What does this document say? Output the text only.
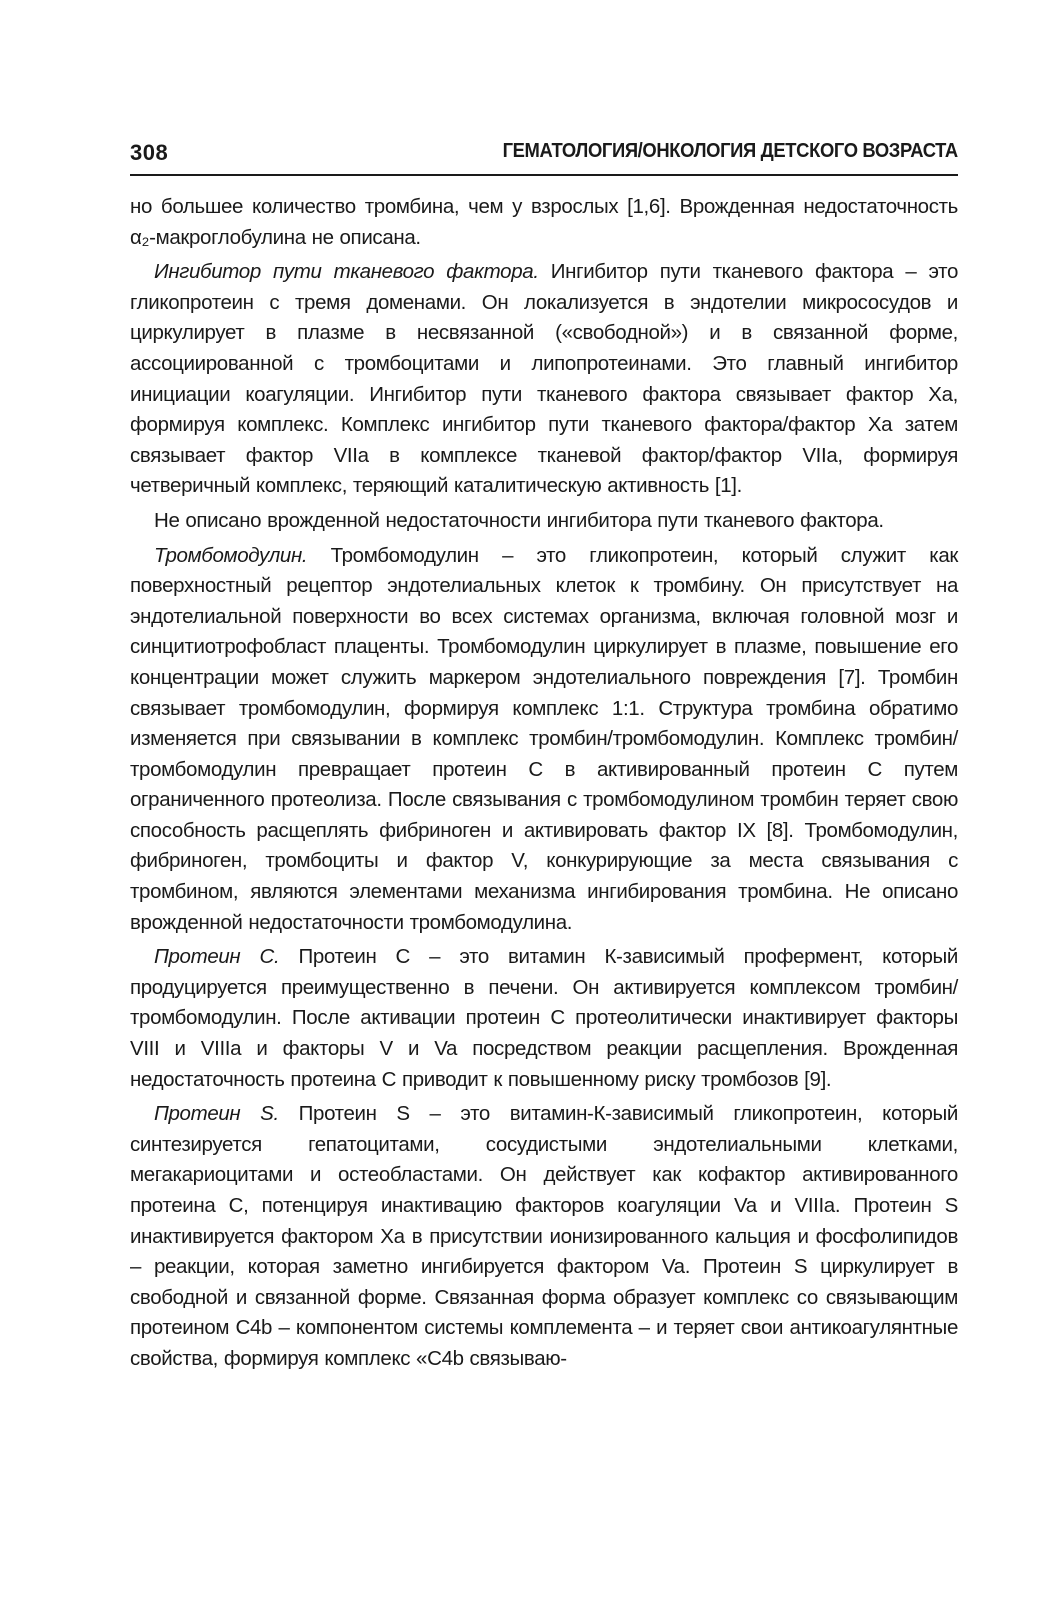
308	ГЕМАТОЛОГИЯ/ОНКОЛОГИЯ ДЕТСКОГО ВОЗРАСТА

но большее количество тромбина, чем у взрослых [1,6]. Врожденная недостаточность α₂-макроглобулина не описана.

Ингибитор пути тканевого фактора. Ингибитор пути тканевого фактора – это гликопротеин с тремя доменами. Он локализуется в эндотелии микрососудов и циркулирует в плазме в несвязанной («свободной») и в связанной форме, ассоциированной с тромбоцитами и липопротеинами. Это главный ингибитор инициации коагуляции. Ингибитор пути тканевого фактора связывает фактор Xa, формируя комплекс. Комплекс ингибитор пути тканевого фактора/фактор Xa затем связывает фактор VIIa в комплексе тканевой фактор/фактор VIIa, формируя четверичный комплекс, теряющий каталитическую активность [1].

Не описано врожденной недостаточности ингибитора пути тканевого фактора.

Тромбомодулин. Тромбомодулин – это гликопротеин, который служит как поверхностный рецептор эндотелиальных клеток к тромбину. Он присутствует на эндотелиальной поверхности во всех системах организма, включая головной мозг и синцитиотрофобласт плаценты. Тромбомодулин циркулирует в плазме, повышение его концентрации может служить маркером эндотелиального повреждения [7]. Тромбин связывает тромбомодулин, формируя комплекс 1:1. Структура тромбина обратимо изменяется при связывании в комплекс тромбин/тромбомодулин. Комплекс тромбин/тромбомодулин превращает протеин С в активированный протеин С путем ограниченного протеолиза. После связывания с тромбомодулином тромбин теряет свою способность расщеплять фибриноген и активировать фактор IX [8]. Тромбомодулин, фибриноген, тромбоциты и фактор V, конкурирующие за места связывания с тромбином, являются элементами механизма ингибирования тромбина. Не описано врожденной недостаточности тромбомодулина.

Протеин С. Протеин С – это витамин К-зависимый профермент, который продуцируется преимущественно в печени. Он активируется комплексом тромбин/тромбомодулин. После активации протеин С протеолитически инактивирует факторы VIII и VIIIa и факторы V и Va посредством реакции расщепления. Врожденная недостаточность протеина С приводит к повышенному риску тромбозов [9].

Протеин S. Протеин S – это витамин-К-зависимый гликопротеин, который синтезируется гепатоцитами, сосудистыми эндотелиальными клетками, мегакариоцитами и остеобластами. Он действует как кофактор активированного протеина С, потенцируя инактивацию факторов коагуляции Va и VIIIa. Протеин S инактивируется фактором Xa в присутствии ионизированного кальция и фосфолипидов – реакции, которая заметно ингибируется фактором Va. Протеин S циркулирует в свободной и связанной форме. Связанная форма образует комплекс со связывающим протеином C4b – компонентом системы комплемента – и теряет свои антикоагулянтные свойства, формируя комплекс «C4b связываю-
